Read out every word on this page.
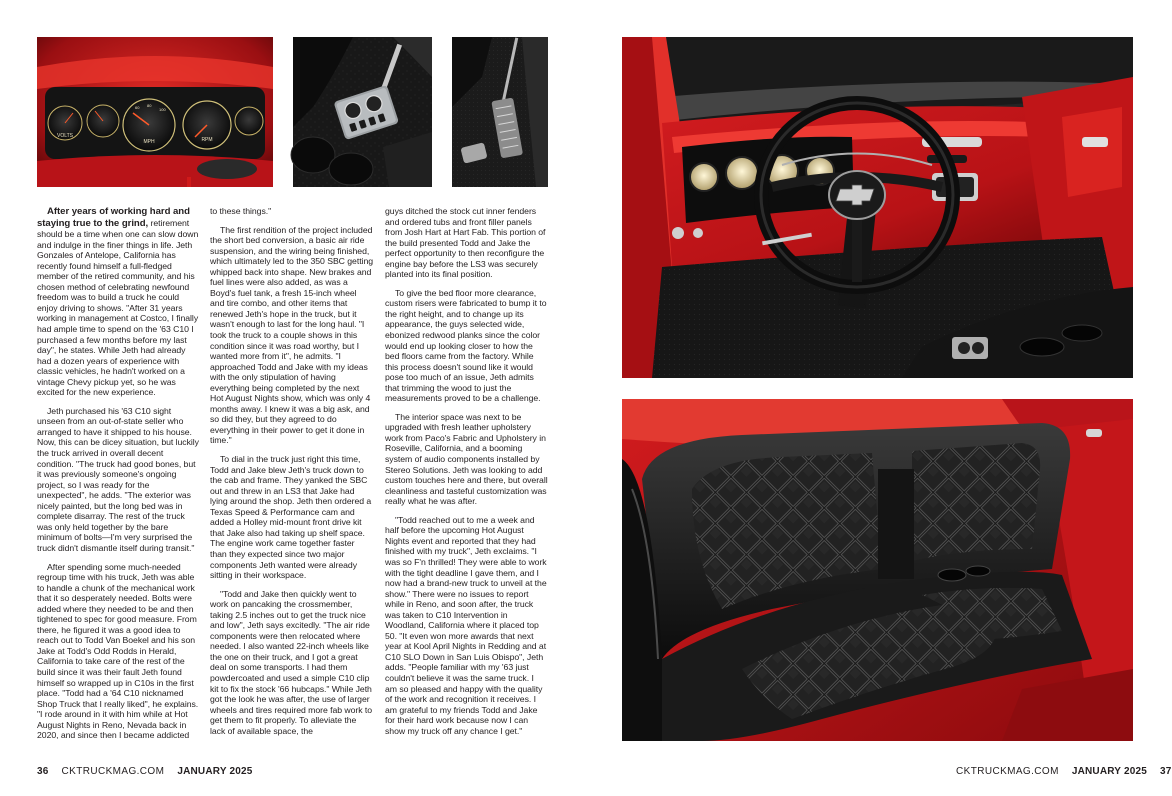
VOLTS
MPH	RPM
60 80
100

After years of working hard and staying true to the grind, retirement should be a time when one can slow down and indulge in the finer things in life. Jeth Gonzales of Antelope, California has recently found himself a full-fledged member of the retired community, and his chosen method of celebrating newfound freedom was to build a truck he could enjoy driving to shows. "After 31 years working in management at Costco, I finally had ample time to spend on the '63 C10 I purchased a few months before my last day", he states. While Jeth had already had a dozen years of experience with classic vehicles, he hadn't worked on a vintage Chevy pickup yet, so he was excited for the new experience.

Jeth purchased his '63 C10 sight unseen from an out-of-state seller who arranged to have it shipped to his house. Now, this can be dicey situation, but luckily the truck arrived in overall decent condition. "The truck had good bones, but it was previously someone's ongoing project, so I was ready for the unexpected", he adds. "The exterior was nicely painted, but the long bed was in complete disarray. The rest of the truck was only held together by the bare minimum of bolts—I'm very surprised the truck didn't dismantle itself during transit."

After spending some much-needed regroup time with his truck, Jeth was able to handle a chunk of the mechanical work that it so desperately needed. Bolts were added where they needed to be and then tightened to spec for good measure. From there, he figured it was a good idea to reach out to Todd Van Boekel and his son Jake at Todd's Odd Rodds in Herald, California to take care of the rest of the build since it was their fault Jeth found himself so wrapped up in C10s in the first place. "Todd had a '64 C10 nicknamed Shop Truck that I really liked", he explains. "I rode around in it with him while at Hot August Nights in Reno, Nevada back in 2020, and since then I became addicted

to these things."

The first rendition of the project included the short bed conversion, a basic air ride suspension, and the wiring being finished, which ultimately led to the 350 SBC getting whipped back into shape. New brakes and fuel lines were also added, as was a Boyd's fuel tank, a fresh 15-inch wheel and tire combo, and other items that renewed Jeth's hope in the truck, but it wasn't enough to last for the long haul. "I took the truck to a couple shows in this condition since it was road worthy, but I wanted more from it", he admits. "I approached Todd and Jake with my ideas with the only stipulation of having everything being completed by the next Hot August Nights show, which was only 4 months away. I knew it was a big ask, and so did they, but they agreed to do everything in their power to get it done in time."

To dial in the truck just right this time, Todd and Jake blew Jeth's truck down to the cab and frame. They yanked the SBC out and threw in an LS3 that Jake had lying around the shop. Jeth then ordered a Texas Speed & Performance cam and added a Holley mid-mount front drive kit that Jake also had taking up shelf space. The engine work came together faster than they expected since two major components Jeth wanted were already sitting in their workspace.

"Todd and Jake then quickly went to work on pancaking the crossmember, taking 2.5 inches out to get the truck nice and low", Jeth says excitedly. "The air ride components were then relocated where needed. I also wanted 22-inch wheels like the one on their truck, and I got a great deal on some transports. I had them powdercoated and used a simple C10 clip kit to fix the stock '66 hubcaps." While Jeth got the look he was after, the use of larger wheels and tires required more fab work to get them to fit properly. To alleviate the lack of available space, the

guys ditched the stock cut inner fenders and ordered tubs and front filler panels from Josh Hart at Hart Fab. This portion of the build presented Todd and Jake the perfect opportunity to then reconfigure the engine bay before the LS3 was securely planted into its final position.

To give the bed floor more clearance, custom risers were fabricated to bump it to the right height, and to change up its appearance, the guys selected wide, ebonized redwood planks since the color would end up looking closer to how the bed floors came from the factory. While this process doesn't sound like it would pose too much of an issue, Jeth admits that trimming the wood to just the measurements proved to be a challenge.

The interior space was next to be upgraded with fresh leather upholstery work from Paco's Fabric and Upholstery in Roseville, California, and a booming system of audio components installed by Stereo Solutions. Jeth was looking to add custom touches here and there, but overall cleanliness and tasteful customization was really what he was after.

"Todd reached out to me a week and half before the upcoming Hot August Nights event and reported that they had finished with my truck", Jeth exclaims. "I was so F'n thrilled! They were able to work with the tight deadline I gave them, and I now had a brand-new truck to unveil at the show." There were no issues to report while in Reno, and soon after, the truck was taken to C10 Intervention in Woodland, California where it placed top 50. "It even won more awards that next year at Kool April Nights in Redding and at C10 SLO Down in San Luis Obispo", Jeth adds. "People familiar with my '63 just couldn't believe it was the same truck. I am so pleased and happy with the quality of the work and recognition it receives. I am grateful to my friends Todd and Jake for their hard work because now I can show my truck off any chance I get."

36 CKTRUCKMAG.COM JANUARY 2025	CKTRUCKMAG.COM JANUARY 2025 37
